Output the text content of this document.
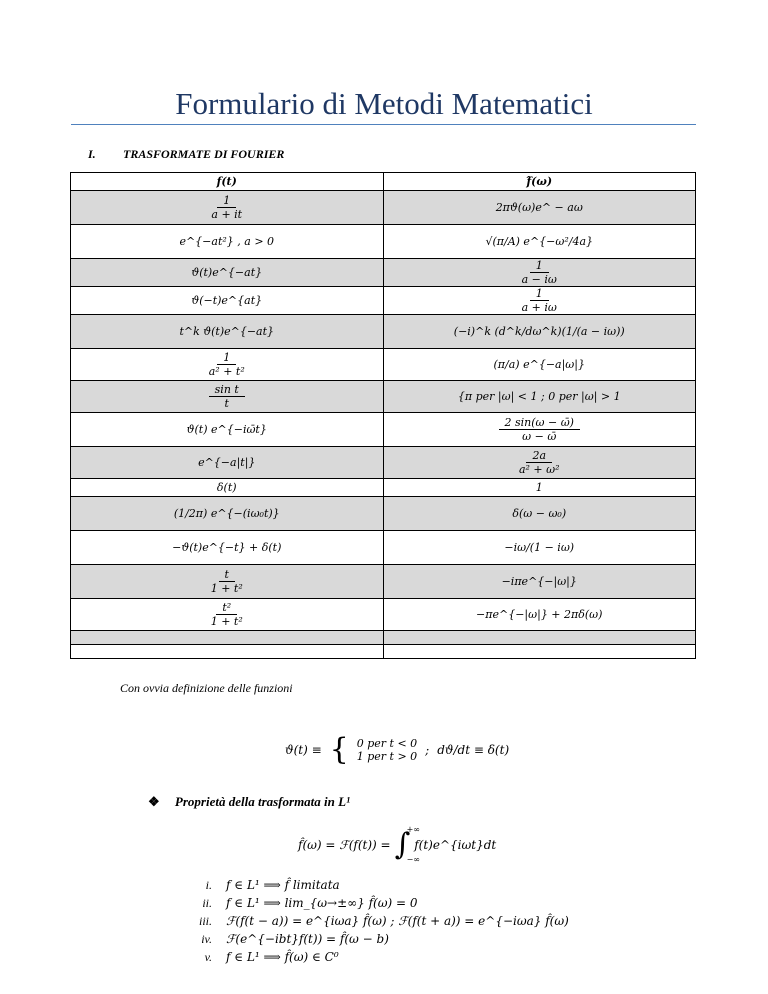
Formulario di Metodi Matematici
I. TRASFORMATE DI FOURIER
𝒇(𝒕)	𝒇̂(𝝎)

$\frac{1}{a + it}$	2πϑ(ω)e^ − aω
e^{−at²} , a > 0	√(π/A) e^{−ω²/4a}
ϑ(t)e^{−at}	$\frac{1}{a - i\omega}$

ϑ(−t)e^{at}	$\frac{1}{a + i\omega}$

t^k ϑ(t)e^{−at}	(−i)^k (d^k/dω^k)(1/(a − iω))

$\frac{1}{\text{a² + t²}}$	(π/a) e^{−a|ω|}

$\frac{\text{sin t}}{t}$	{π per |ω| < 1 ; 0 per |ω| > 1
ϑ(t) e^{−iω̄t}	$\frac{2 \sin(\omega - \omegā)}{\omega - \omegā}$

e^{−a|t|}	$\frac{2a}{\text{a² + ω²}}$

δ(t)	1
(1/2π) e^{−(iω₀t)}	δ(ω − ω₀)
−ϑ(t)e^{−t} + δ(t)	−iω/(1 − iω)

$\frac{t}{\text{1 + t²}}$	−iπe^{−|ω|}

$\frac{\text{t²}}{\text{1 + t²}}$	−πe^{−|ω|} + 2πδ(ω)

Con ovvia definizione delle funzioni
ϑ(t) ≡ { 0 per t < 0
1 per t > 0 ; dϑ/dt ≡ δ(t)
❖ Proprietà della trasformata in L¹
f̂(ω) = ℱ(f(t)) = ∫
+∞
−∞
f(t)e^{iωt}dt
i.	f ∈ L¹ ⟹ f̂ limitata
ii.	f ∈ L¹ ⟹ lim_{ω→±∞} f̂(ω) = 0
iii.	ℱ(f(t − a)) = e^{iωa} f̂(ω) ; ℱ(f(t + a)) = e^{−iωa} f̂(ω)
iv.	ℱ(e^{−ibt}f(t)) = f̂(ω − b)
v.	f ∈ L¹ ⟹ f̂(ω) ∈ C⁰
